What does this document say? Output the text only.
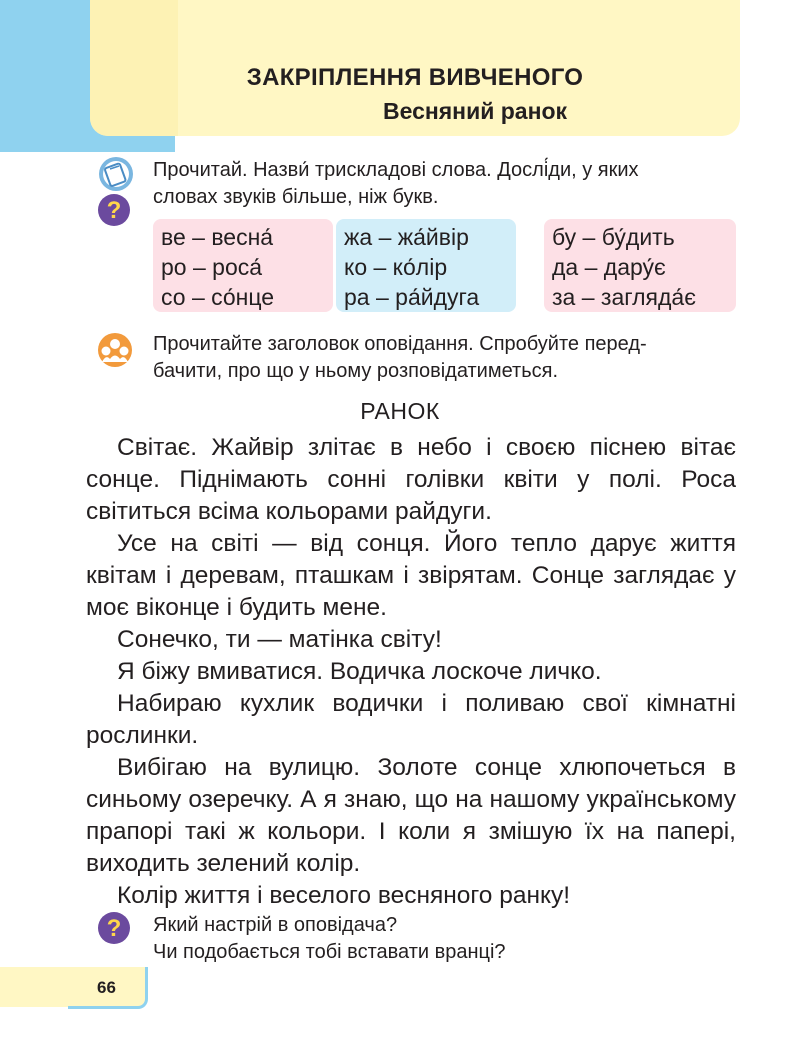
ЗАКРІПЛЕННЯ ВИВЧЕНОГО
Весняний ранок
?
Прочитай. Назви́ трискладові слова. Дослі́ди, у яких
словах звуків більше, ніж букв.
ве – весна́
ро – роса́
со – со́нце
жа – жа́йвір
ко – ко́лір
ра – ра́йдуга
бу – бу́дить
да – дару́є
за – загляда́є
Прочитайте заголовок оповідання. Спробуйте перед-
бачити, про що у ньому розповідатиметься.
РАНОК

Світає. Жайвір злітає в небо і своєю піснею вітає сонце. Піднімають сонні голівки квіти у полі. Роса світиться всіма кольорами райдуги.

Усе на світі — від сонця. Його тепло дарує життя квітам і деревам, пташкам і звірятам. Сонце заглядає у моє віконце і будить мене.

Сонечко, ти — матінка світу!

Я біжу вмиватися. Водичка лоскоче личко.

Набираю кухлик водички і поливаю свої кімнатні рослинки.

Вибігаю на вулицю. Золоте сонце хлюпочеться в синьому озеречку. А я знаю, що на нашому українському прапорі такі ж кольори. І коли я змішую їх на папері, виходить зелений колір.

Колір життя і веселого весняного ранку!

? Який настрій в оповідача?
Чи подобається тобі вставати вранці?
66
